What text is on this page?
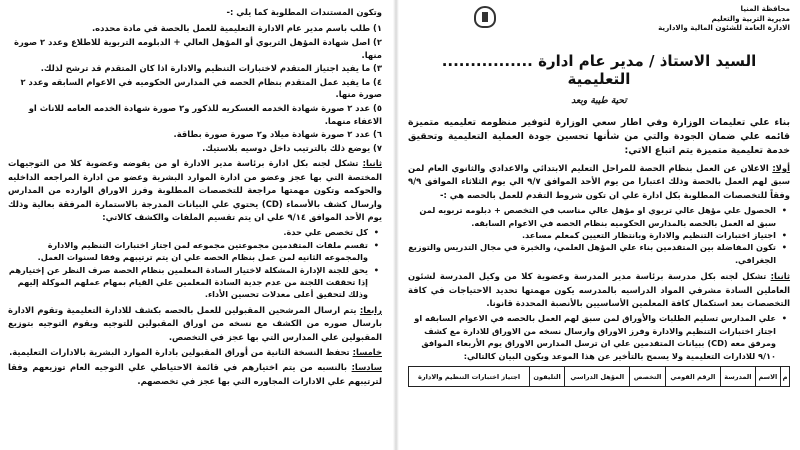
وتكون المستندات المطلوبة كما يلي :-
١) طلب باسم مدير عام الادارة التعليمية للعمل بالحصة في مادة محدده.
٢) اصل شهادة المؤهل التربوي أو المؤهل العالي + الدبلومه التربوية للاطلاع وعدد ٢ صورة منها.
٣) ما يفيد اجتياز المتقدم لاختبارات التنظيم والادارة اذا كان المتقدم قد ترشح لذلك.
٤) ما يفيد عمل المتقدم بنظام الحصه في المدارس الحكوميه في الاعوام السابقه وعدد ٢ صورة منها.
٥) عدد ٢ صورة شهادة الخدمه العسكريه للذكور و٢ صورة شهادة الخدمه العامه للاناث او الاعفاء منهما.
٦) عدد ٢ صورة شهادة ميلاد و٢ صورة صورة بطاقة.
٧) يوضع ذلك بالترتيب داخل دوسيه بلاستيك.
ثانيا: تشكل لجنه بكل ادارة برئاسة مدير الادارة او من يفوضه وعضوية كلا من التوجيهات المختصة التي بها عجز وعضو من ادارة الموارد البشرية وعضو من ادارة المراجعه الداخليه والحوكمه وتكون مهمتها مراجعة للتخصصات المطلوبة وفرز الاوراق الوارده من المدارس وارسال كشف بالأسماء (CD) يحتوي علي البيانات المدرجة بالاستمارة المرفقة بعالية وذلك يوم الأحد الموافق ٩/١٤ علي ان يتم تقسيم الملفات والكشف كالاتي:
• كل تخصص علي حدة.
• تقسم ملفات المتقدمين مجموعتين مجموعه لمن اجتاز اختبارات التنظيم والادارة والمجموعه الثانيه لمن عمل بنظام الحصه علي ان يتم ترتيبهم وفقا لسنوات العمل.
• يحق للجنة الإدارة المشكلة لاختيار السادة المعلمين بنظام الحصة صرف النظر عن إختيارهم إذا تحققت اللجنة من عدم جدية السادة المعلمين علي القيام بمهام عملهم الموكلة إليهم وذلك لتحقيق أعلى معدلات تحسين الأداء.
رابعا: يتم ارسال المرشحين المقبولين للعمل بالحصه بكشف للادارة التعليمية وتقوم الادارة بارسال صوره من الكشف مع نسخه من اوراق المقبولين للتوجيه ويقوم التوجيه بتوزيع المقبولين علي المدارس التي بها عجز في التخصص.
خامسا: تحفظ النسخة الثانية من أوراق المقبولين بادارة الموارد البشرية بالادارات التعليمية.
سادسا: بالنسبه من يتم اختيارهم في قائمة الاحتياطي علي التوجيه العام توزيعهم وفقا لترتيبهم علي الادارات المجاوره التي بها عجز في تخصصهم.
محافظة المنيا
مديرية التربية والتعليم
الادارة العامة للشئون المالية والادارية
السيد الاستاذ / مدير عام ادارة ................ التعليمية
تحية طيبة وبعد
بناء علي تعليمات الوزارة وفي اطار سعي الوزارة لتوفير منظومه تعليميه متميزة قائمه علي ضمان الجودة والتي من شأنها تحسين جودة العملية التعليمية وتحقيق خدمة تعليمية متميزة يتم اتباع الاتي:
أولا: الاعلان عن العمل بنظام الحصة للمراحل التعليم الابتدائي والاعدادي والثانوي العام لمن سبق لهم العمل بالحصة وذلك اعتبارا من يوم الأحد الموافق ٩/٧ الي يوم الثلاثاء الموافق ٩/٩ وفقاً للتخصصات المطلوبة بكل ادارة علي ان تكون شروط التقدم للعمل بالحصه هي :-
• الحصول علي مؤهل عالي تربوي او مؤهل عالي مناسب في التخصص + دبلومه تربويه لمن سبق له العمل بالحصه بالمدارس الحكوميه بنظام الحصه في الاعوام السابقه.
• اجتياز اختبارات التنظيم والادارة وبانتظار التعيين كمعلم مساعد.
• تكون المفاضلة بين المتقدمين بناء علي المؤهل العلمي، والخبرة في مجال التدريس والتوزيع الجغرافي.
ثانيا: تشكل لجنه بكل مدرسة برئاسة مدير المدرسة وعضوية كلا من وكيل المدرسة لشئون العاملين السادة مشرفي المواد الدراسيه بالمدرسه يكون مهمتها تحديد الاحتياجات في كافة التخصصات بعد استكمال كافة المعلمين الأساسيين بالأنصبة المحددة قانونا.
• علي المدارس تسليم الطلبات والأوراق لمن سبق لهم العمل بالحصه في الاعوام السابقه او اجتاز اختبارات التنظيم والادارة وفرز الاوراق وارسال نسخه من الاوراق للادارة مع كشف ومرفق معه (CD) ببيانات المتقدمين علي ان ترسل المدارس الاوراق يوم الأربعاء الموافق ٩/١٠ للادارات التعليمية ولا يسمح بالتأخير عن هذا الموعد ويكون البيان كالتالي:
م	الاسم	المدرسة	الرقم القومي	التخصص	المؤهل الدراسي	التليفون	اجتياز اختبارات التنظيم والادارة
